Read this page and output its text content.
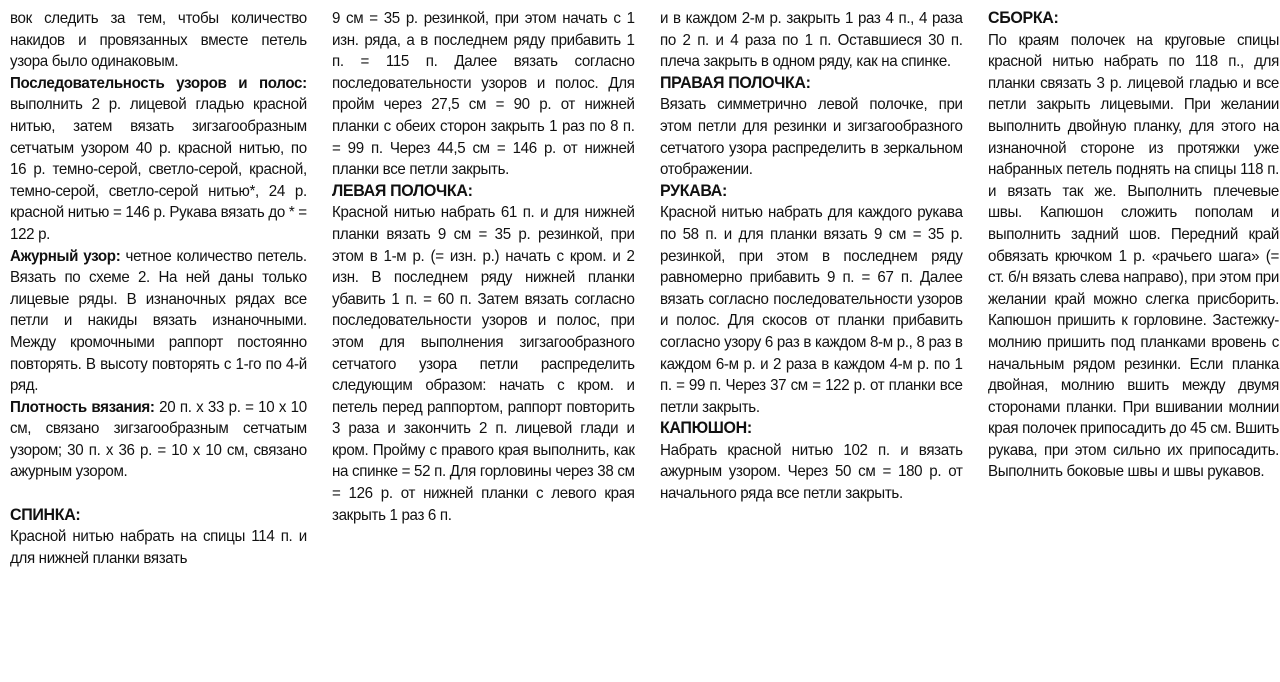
вок следить за тем, чтобы количество накидов и провязанных вместе петель узора было одинаковым.

Последовательность узоров и полос: выполнить 2 р. лицевой гладью красной нитью, затем вязать зигзагообразным сетчатым узором 40 р. красной нитью, по 16 р. темно-серой, светло-серой, красной, темно-серой, светло-серой нитью*, 24 р. красной нитью = 146 р. Рукава вязать до * = 122 р.

Ажурный узор: четное количество петель. Вязать по схеме 2. На ней даны только лицевые ряды. В изнаночных рядах все петли и накиды вязать изнаночными. Между кромочными раппорт постоянно повторять. В высоту повторять с 1-го по 4-й ряд.

Плотность вязания: 20 п. х 33 р. = 10 х 10 см, связано зигзагообразным сетчатым узором; 30 п. х 36 р. = 10 х 10 см, связано ажурным узором.

СПИНКА:

Красной нитью набрать на спицы 114 п. и для нижней планки вязать

9 см = 35 р. резинкой, при этом начать с 1 изн. ряда, а в последнем ряду прибавить 1 п. = 115 п. Далее вязать согласно последовательности узоров и полос. Для пройм через 27,5 см = 90 р. от нижней планки с обеих сторон закрыть 1 раз по 8 п. = 99 п. Через 44,5 см = 146 р. от нижней планки все петли закрыть.

ЛЕВАЯ ПОЛОЧКА:

Красной нитью набрать 61 п. и для нижней планки вязать 9 см = 35 р. резинкой, при этом в 1-м р. (= изн. р.) начать с кром. и 2 изн. В последнем ряду нижней планки убавить 1 п. = 60 п. Затем вязать согласно последовательности узоров и полос, при этом для выполнения зигзагообразного сетчатого узора петли распределить следующим образом: начать с кром. и петель перед раппортом, раппорт повторить 3 раза и закончить 2 п. лицевой глади и кром. Пройму с правого края выполнить, как на спинке = 52 п. Для горловины через 38 см = 126 р. от нижней планки с левого края закрыть 1 раз 6 п.

и в каждом 2-м р. закрыть 1 раз 4 п., 4 раза по 2 п. и 4 раза по 1 п. Оставшиеся 30 п. плеча закрыть в одном ряду, как на спинке.

ПРАВАЯ ПОЛОЧКА:

Вязать симметрично левой полочке, при этом петли для резинки и зигзагообразного сетчатого узора распределить в зеркальном отображении.

РУКАВА:

Красной нитью набрать для каждого рукава по 58 п. и для планки вязать 9 см = 35 р. резинкой, при этом в последнем ряду равномерно прибавить 9 п. = 67 п. Далее вязать согласно последовательности узоров и полос. Для скосов от планки прибавить согласно узору 6 раз в каждом 8-м р., 8 раз в каждом 6-м р. и 2 раза в каждом 4-м р. по 1 п. = 99 п. Через 37 см = 122 р. от планки все петли закрыть.

КАПЮШОН:

Набрать красной нитью 102 п. и вязать ажурным узором. Через 50 см = 180 р. от начального ряда все петли закрыть.

СБОРКА:

По краям полочек на круговые спицы красной нитью набрать по 118 п., для планки связать 3 р. лицевой гладью и все петли закрыть лицевыми. При желании выполнить двойную планку, для этого на изнаночной стороне из протяжки уже набранных петель поднять на спицы 118 п. и вязать так же. Выполнить плечевые швы. Капюшон сложить пополам и выполнить задний шов. Передний край обвязать крючком 1 р. «рачьего шага» (= ст. б/н вязать слева направо), при этом при желании край можно слегка присборить. Капюшон пришить к горловине. Застежку-молнию пришить под планками вровень с начальным рядом резинки. Если планка двойная, молнию вшить между двумя сторонами планки. При вшивании молнии края полочек припосадить до 45 см. Вшить рукава, при этом сильно их припосадить. Выполнить боковые швы и швы рукавов.
